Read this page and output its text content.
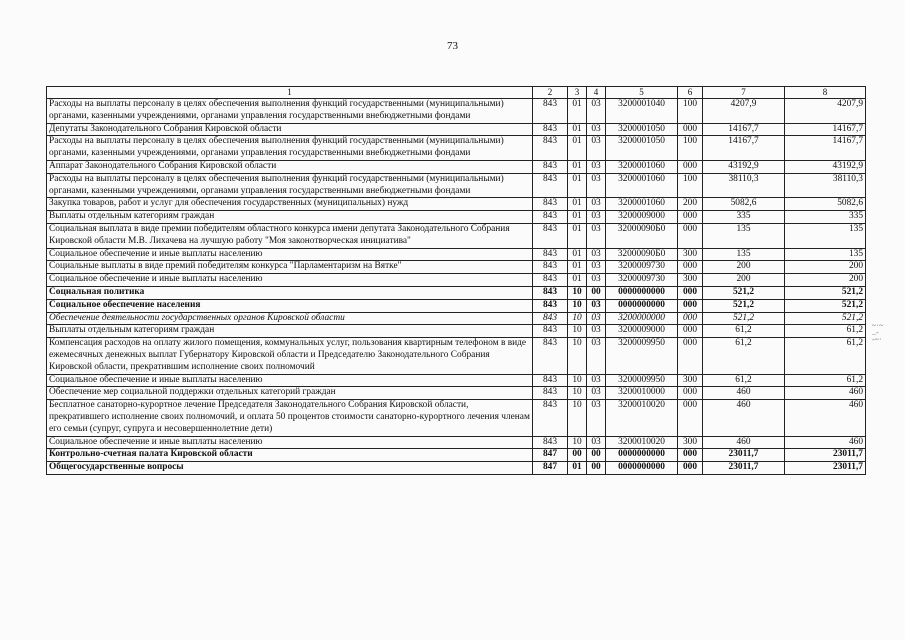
73
1	2	3	4	5	6	7	8
Расходы на выплаты персоналу в целях обеспечения выполнения функций государственными (муниципальными) органами, казенными учреждениями, органами управления государственными внебюджетными фондами	843	01	03	3200001040	100	4207,9	4207,9
Депутаты Законодательного Собрания Кировской области	843	01	03	3200001050	000	14167,7	14167,7
Расходы на выплаты персоналу в целях обеспечения выполнения функций государственными (муниципальными) органами, казенными учреждениями, органами управления государственными внебюджетными фондами	843	01	03	3200001050	100	14167,7	14167,7
Аппарат Законодательного Собрания Кировской области	843	01	03	3200001060	000	43192,9	43192,9
Расходы на выплаты персоналу в целях обеспечения выполнения функций государственными (муниципальными) органами, казенными учреждениями, органами управления государственными внебюджетными фондами	843	01	03	3200001060	100	38110,3	38110,3
Закупка товаров, работ и услуг для обеспечения государственных (муниципальных) нужд	843	01	03	3200001060	200	5082,6	5082,6
Выплаты отдельным категориям граждан	843	01	03	3200009000	000	335	335
Социальная выплата в виде премии победителям областного конкурса имени депутата Законодательного Собрания Кировской области М.В. Лихачева на лучшую работу "Моя законотворческая инициатива"	843	01	03	32000090Б0	000	135	135
Социальное обеспечение и иные выплаты населению	843	01	03	32000090Б0	300	135	135
Социальные выплаты в виде премий победителям конкурса "Парламентаризм на Вятке"	843	01	03	3200009730	000	200	200
Социальное обеспечение и иные выплаты населению	843	01	03	3200009730	300	200	200
Социальная политика	843	10	00	0000000000	000	521,2	521,2
Социальное обеспечение населения	843	10	03	0000000000	000	521,2	521,2
Обеспечение деятельности государственных органов Кировской области	843	10	03	3200000000	000	521,2	521,2
Выплаты отдельным категориям граждан	843	10	03	3200009000	000	61,2	61,2
Компенсация расходов на оплату жилого помещения, коммунальных услуг, пользования квартирным телефоном в виде ежемесячных денежных выплат Губернатору Кировской области и Председателю Законодательного Собрания Кировской области, прекратившим исполнение своих полномочий	843	10	03	3200009950	000	61,2	61,2
Социальное обеспечение и иные выплаты населению	843	10	03	3200009950	300	61,2	61,2
Обеспечение мер социальной поддержки отдельных категорий граждан	843	10	03	3200010000	000	460	460
Бесплатное санаторно-курортное лечение Председателя Законодательного Собрания Кировской области, прекратившего исполнение своих полномочий, и оплата 50 процентов стоимости санаторно-курортного лечения членам его семьи (супруг, супруга и несовершеннолетние дети)	843	10	03	3200010020	000	460	460
Социальное обеспечение и иные выплаты населению	843	10	03	3200010020	300	460	460
Контрольно-счетная палата Кировской области	847	00	00	0000000000	000	23011,7	23011,7
Общегосударственные вопросы	847	01	00	0000000000	000	23011,7	23011,7
~·~
..-
-~·
